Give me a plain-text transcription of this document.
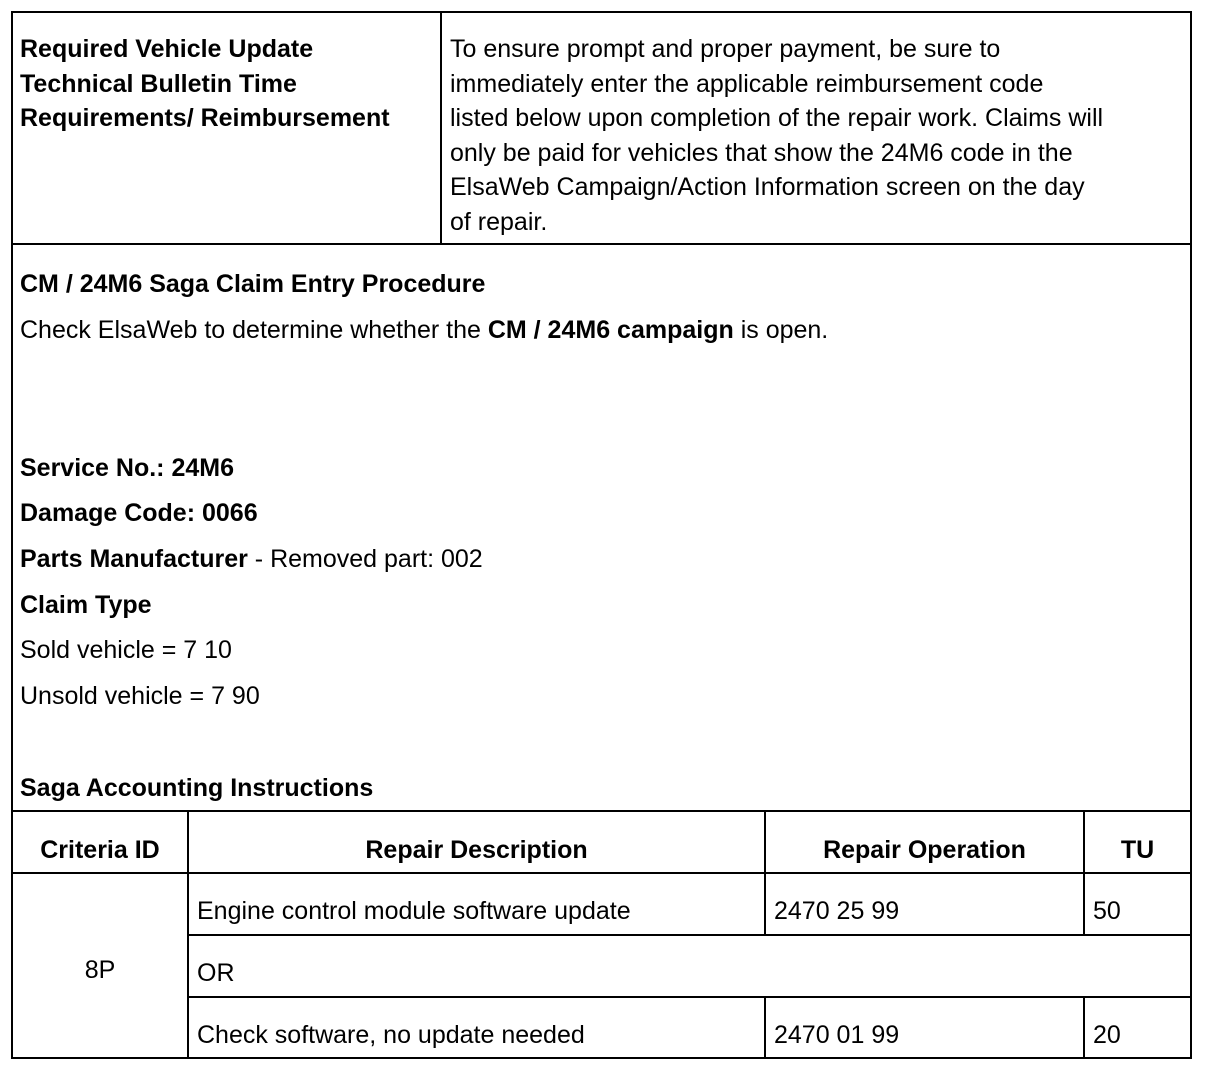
Required Vehicle Update
Technical Bulletin Time
Requirements/ Reimbursement
To ensure prompt and proper payment, be sure to
immediately enter the applicable reimbursement code
listed below upon completion of the repair work. Claims will
only be paid for vehicles that show the 24M6 code in the
ElsaWeb Campaign/Action Information screen on the day
of repair.
CM / 24M6 Saga Claim Entry Procedure
Check ElsaWeb to determine whether the CM / 24M6 campaign is open.
Service No.: 24M6
Damage Code: 0066
Parts Manufacturer - Removed part: 002
Claim Type
Sold vehicle = 7 10
Unsold vehicle = 7 90
Saga Accounting Instructions
Criteria ID	Repair Description	Repair Operation	TU
8P
Engine control module software update	2470 25 99	50
OR
Check software, no update needed	2470 01 99	20
